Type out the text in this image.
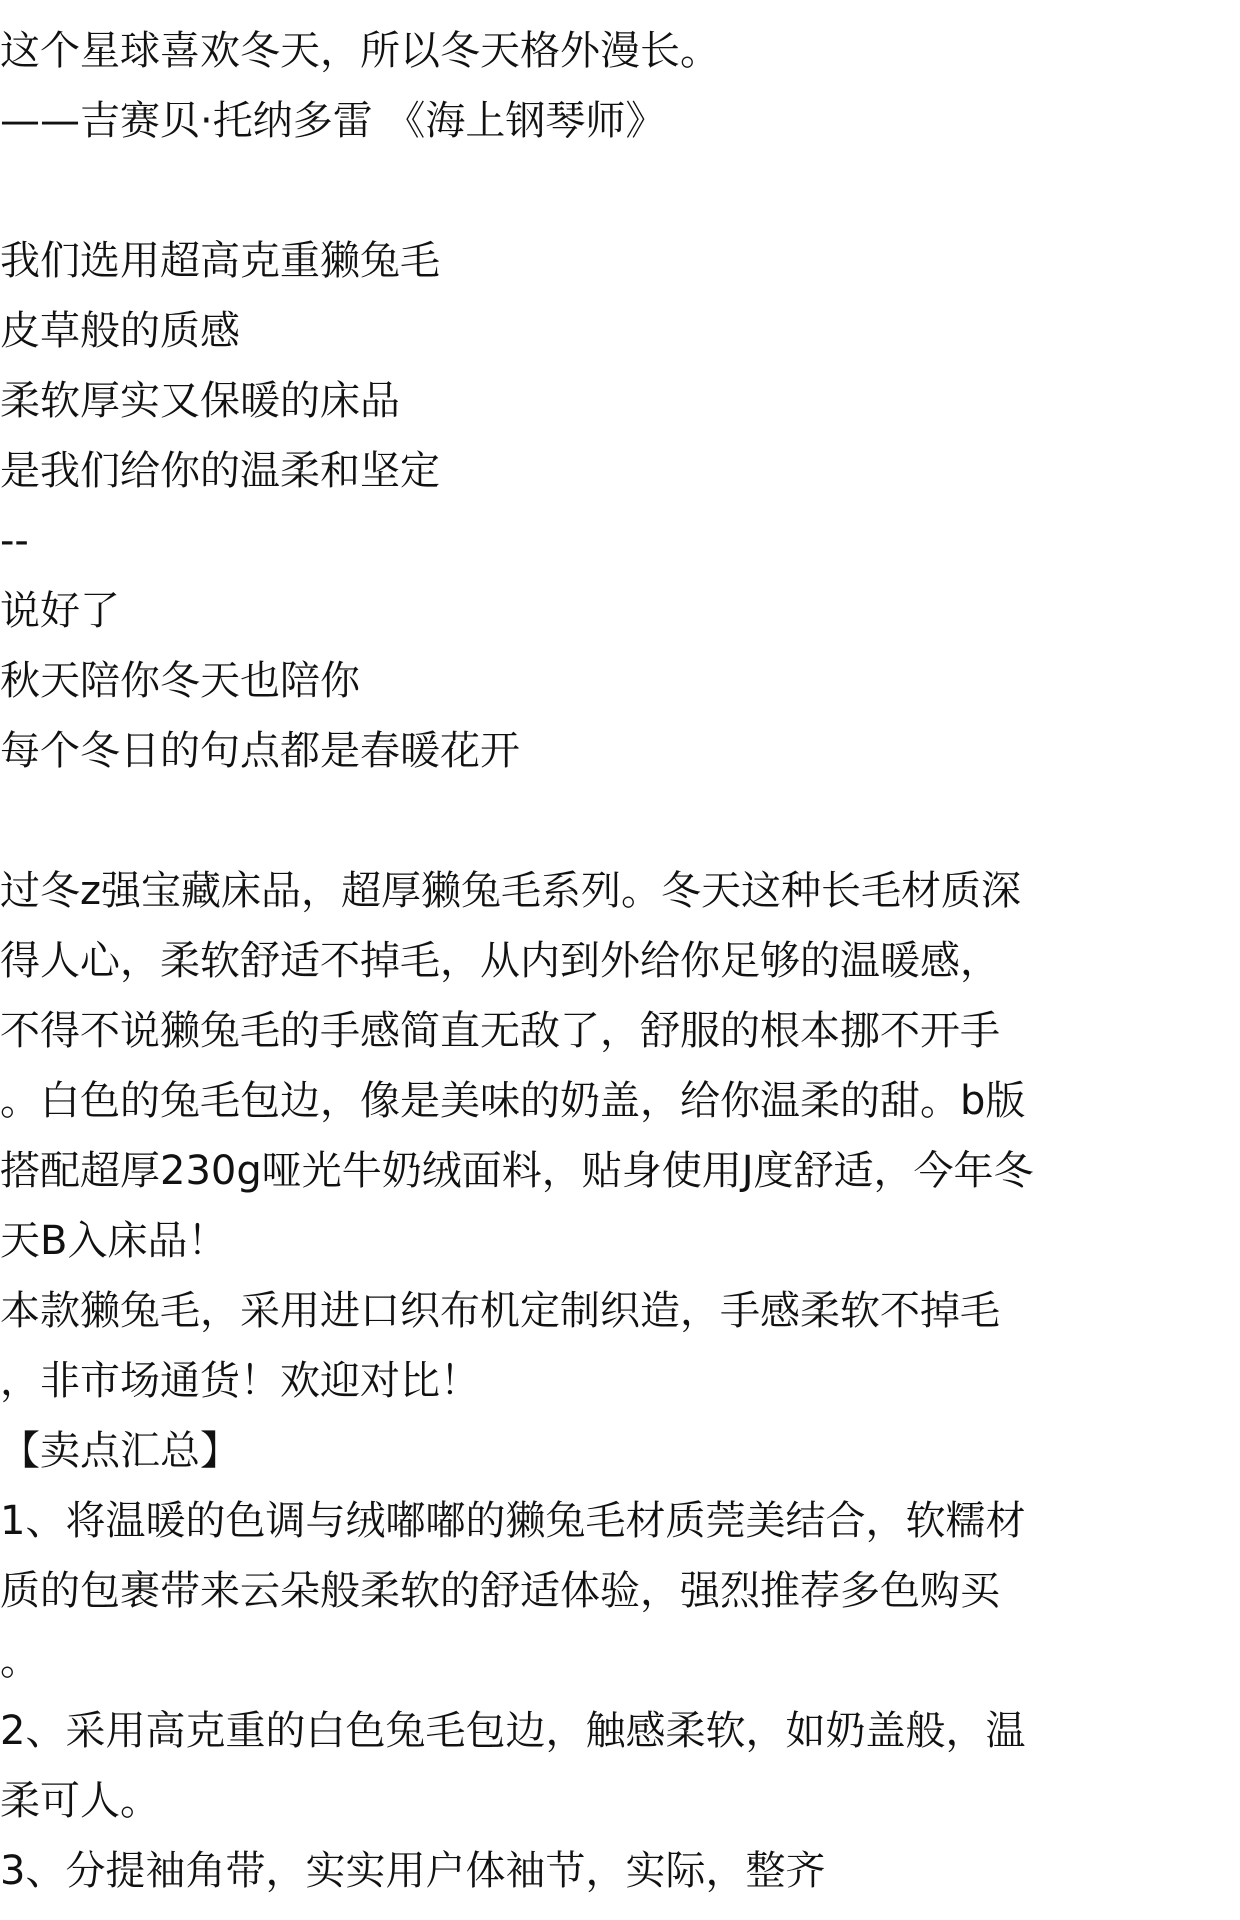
这个星球喜欢冬天，所以冬天格外漫长。
——吉赛贝·托纳多雷 《海上钢琴师》
我们选用超高克重獭兔毛
皮草般的质感
柔软厚实又保暖的床品
是我们给你的温柔和坚定
--
说好了
秋天陪你冬天也陪你
每个冬日的句点都是春暖花开
过冬z强宝藏床品，超厚獭兔毛系列。冬天这种长毛材质深
得人心，柔软舒适不掉毛，从内到外给你足够的温暖感，
不得不说獭兔毛的手感简直无敌了，舒服的根本挪不开手
。白色的兔毛包边，像是美味的奶盖，给你温柔的甜。b版
搭配超厚230g哑光牛奶绒面料，贴身使用J度舒适，今年冬
天B入床品！
本款獭兔毛，采用进口织布机定制织造，手感柔软不掉毛
，非市场通货！欢迎对比！
【卖点汇总】
1、将温暖的色调与绒嘟嘟的獭兔毛材质莞美结合，软糯材
质的包裹带来云朵般柔软的舒适体验，强烈推荐多色购买
。
2、采用高克重的白色兔毛包边，触感柔软，如奶盖般，温
柔可人。
3、分提袖角带，实实用户体袖节，实际，整齐
